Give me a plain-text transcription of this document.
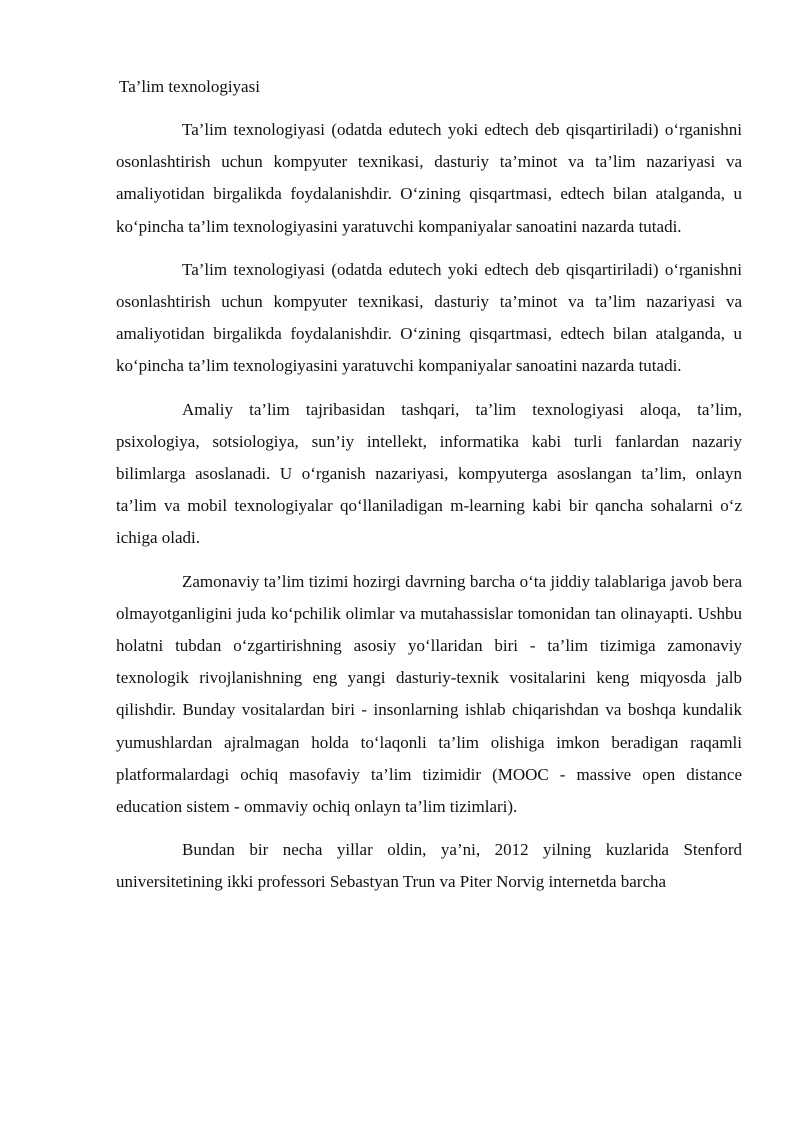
Ta’lim texnologiyasi

Ta’lim texnologiyasi (odatda edutech yoki edtech deb qisqartiriladi) o‘rganishni osonlashtirish uchun kompyuter texnikasi, dasturiy ta’minot va ta’lim nazariyasi va amaliyotidan birgalikda foydalanishdir. O‘zining qisqartmasi, edtech bilan atalganda, u ko‘pincha ta’lim texnologiyasini yaratuvchi kompaniyalar sanoatini nazarda tutadi.

Ta’lim texnologiyasi (odatda edutech yoki edtech deb qisqartiriladi) o‘rganishni osonlashtirish uchun kompyuter texnikasi, dasturiy ta’minot va ta’lim nazariyasi va amaliyotidan birgalikda foydalanishdir. O‘zining qisqartmasi, edtech bilan atalganda, u ko‘pincha ta’lim texnologiyasini yaratuvchi kompaniyalar sanoatini nazarda tutadi.

Amaliy ta’lim tajribasidan tashqari, ta’lim texnologiyasi aloqa, ta’lim, psixologiya, sotsiologiya, sun’iy intellekt, informatika kabi turli fanlardan nazariy bilimlarga asoslanadi. U o‘rganish nazariyasi, kompyuterga asoslangan ta’lim, onlayn ta’lim va mobil texnologiyalar qo‘llaniladigan m-learning kabi bir qancha sohalarni o‘z ichiga oladi.

Zamonaviy ta’lim tizimi hozirgi davrning barcha o‘ta jiddiy talablariga javob bera olmayotganligini juda ko‘pchilik olimlar va mutahassislar tomonidan tan olinayapti. Ushbu holatni tubdan o‘zgartirishning asosiy yo‘llaridan biri - ta’lim tizimiga zamonaviy texnologik rivojlanishning eng yangi dasturiy-texnik vositalarini keng miqyosda jalb qilishdir. Bunday vositalardan biri - insonlarning ishlab chiqarishdan va boshqa kundalik yumushlardan ajralmagan holda to‘laqonli ta’lim olishiga imkon beradigan raqamli platformalardagi ochiq masofaviy ta’lim tizimidir (MOOC - massive open distance education sistem - ommaviy ochiq onlayn ta’lim tizimlari).

Bundan bir necha yillar oldin, ya’ni, 2012 yilning kuzlarida Stenford universitetining ikki professori Sebastyan Trun va Piter Norvig internetda barcha
